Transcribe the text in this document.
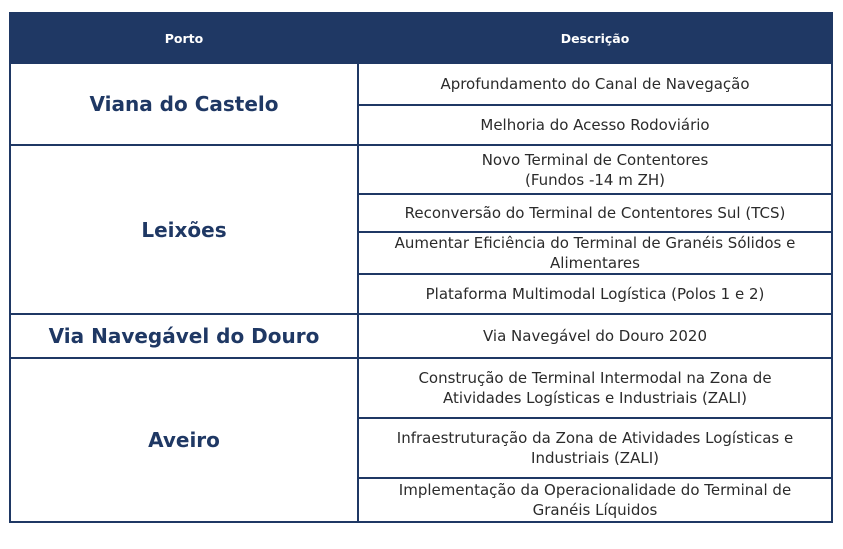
Porto	Descrição
Viana do Castelo	Aprofundamento do Canal de Navegação
	Melhoria do Acesso Rodoviário
Leixões	Novo Terminal de Contentores
(Fundos -14 m ZH)
	Reconversão do Terminal de Contentores Sul (TCS)
	Aumentar Eficiência do Terminal de Granéis Sólidos e
Alimentares
	Plataforma Multimodal Logística (Polos 1 e 2)
Via Navegável do Douro	Via Navegável do Douro 2020
Aveiro	Construção de Terminal Intermodal na Zona de
Atividades Logísticas e Industriais (ZALI)
	Infraestruturação da Zona de Atividades Logísticas e
Industriais (ZALI)
	Implementação da Operacionalidade do Terminal de
Granéis Líquidos
